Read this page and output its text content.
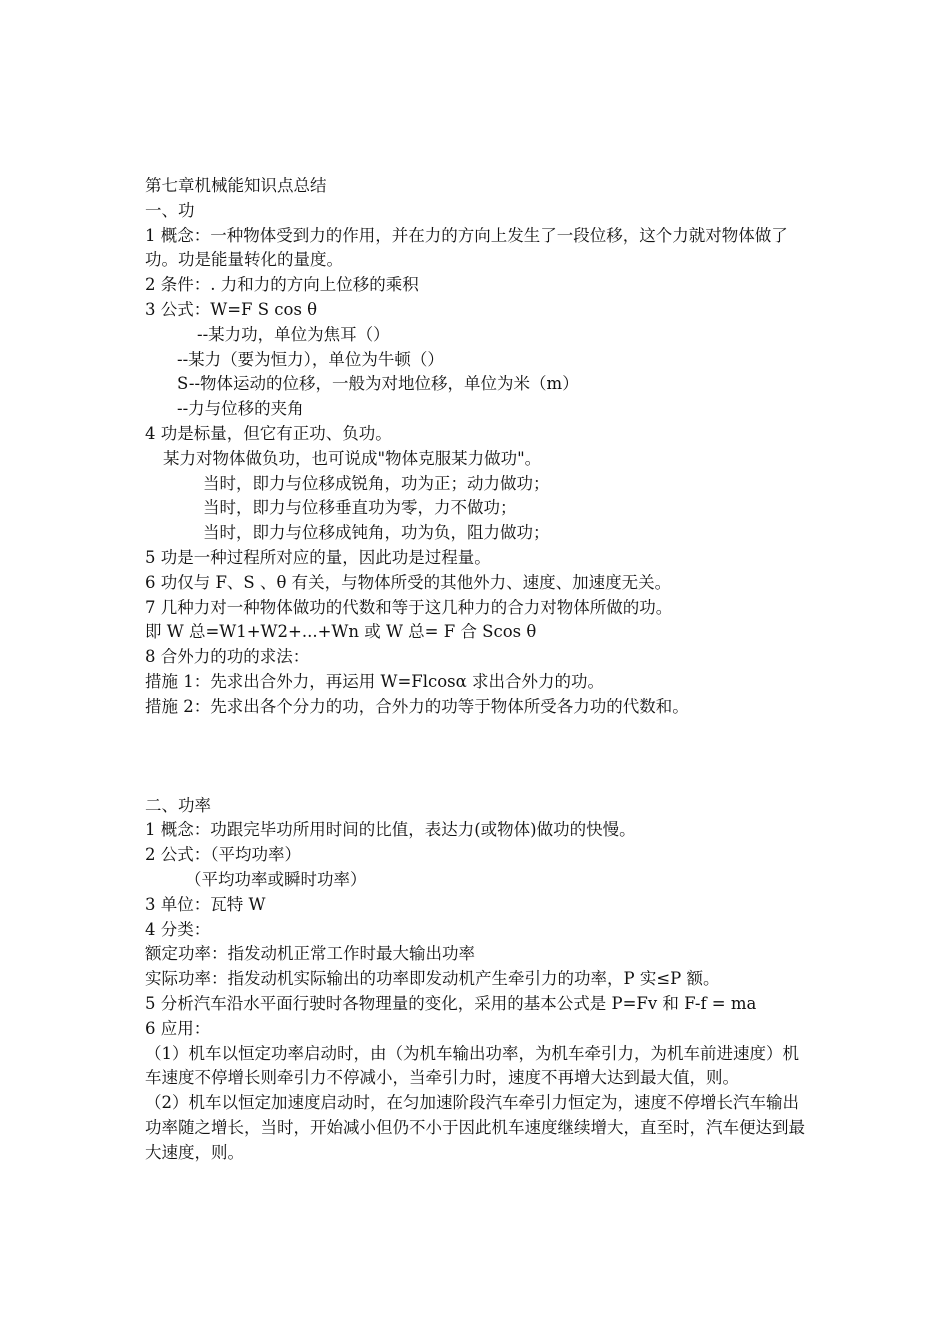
第七章机械能知识点总结
一、功
1 概念：一种物体受到力的作用，并在力的方向上发生了一段位移，这个力就对物体做了功。功是能量转化的量度。
2 条件：. 力和力的方向上位移的乘积
3 公式：W=F S cos θ
--某力功，单位为焦耳（）
--某力（要为恒力），单位为牛顿（）
S--物体运动的位移，一般为对地位移，单位为米（m）
--力与位移的夹角
4 功是标量，但它有正功、负功。
某力对物体做负功，也可说成"物体克服某力做功"。
当时，即力与位移成锐角，功为正；动力做功；
当时，即力与位移垂直功为零，力不做功；
当时，即力与位移成钝角，功为负，阻力做功；
5 功是一种过程所对应的量，因此功是过程量。
6 功仅与 F、S 、θ 有关，与物体所受的其他外力、速度、加速度无关。
7 几种力对一种物体做功的代数和等于这几种力的合力对物体所做的功。
即 W 总=W1+W2+...+Wn 或 W 总= F 合 Scos θ
8 合外力的功的求法：
措施 1：先求出合外力，再运用 W=Flcosα 求出合外力的功。
措施 2：先求出各个分力的功，合外力的功等于物体所受各力功的代数和。
二、功率
1 概念：功跟完毕功所用时间的比值，表达力(或物体)做功的快慢。
2 公式：（平均功率）
（平均功率或瞬时功率）
3 单位：瓦特 W
4 分类：
额定功率：指发动机正常工作时最大输出功率
实际功率：指发动机实际输出的功率即发动机产生牵引力的功率，P 实≤P 额。
5 分析汽车沿水平面行驶时各物理量的变化，采用的基本公式是 P=Fv 和 F-f = ma
6 应用：
（1）机车以恒定功率启动时，由（为机车输出功率，为机车牵引力，为机车前进速度）机车速度不停增长则牵引力不停减小，当牵引力时，速度不再增大达到最大值，则。
（2）机车以恒定加速度启动时，在匀加速阶段汽车牵引力恒定为，速度不停增长汽车输出功率随之增长，当时，开始减小但仍不小于因此机车速度继续增大，直至时，汽车便达到最大速度，则。
